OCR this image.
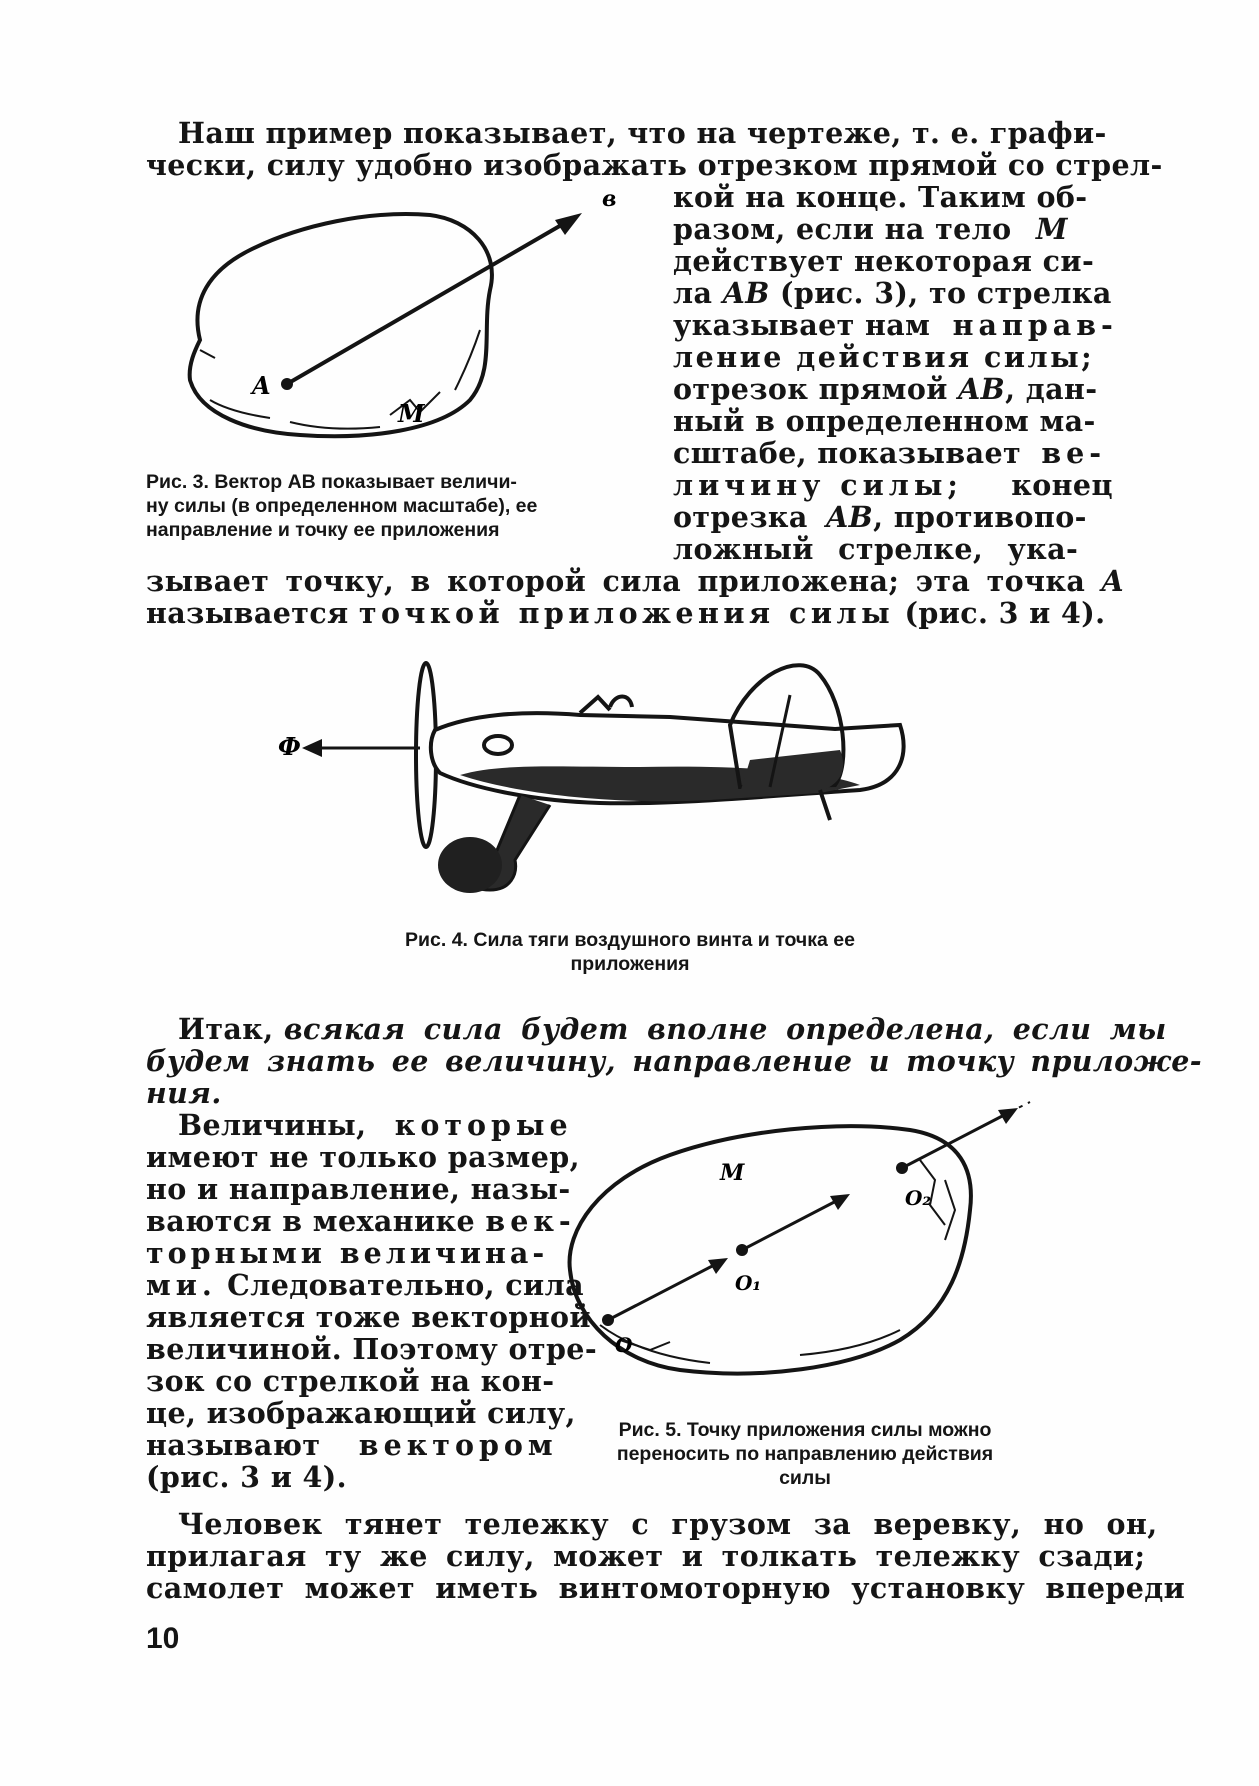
Наш пример показывает, что на чертеже, т. е. графи-
чески, силу удобно изображать отрезком прямой со стрел-
кой на конце. Таким об-
разом, если на тело M
действует некоторая си-
ла AB (рис. 3), то стрелка
указывает нам направ-
ление действия силы;
отрезок прямой AB, дан-
ный в определенном ма-
сштабе, показывает ве-
личину силы; конец
отрезка AB, противопо-
ложный стрелке, ука-
зывает точку, в которой сила приложена; эта точка A
называется точкой приложения силы (рис. 3 и 4).
A
в
M
Рис. 3. Вектор АВ показывает величи-
ну силы (в определенном масштабе), ее
направление и точку ее приложения
Ф
Рис. 4. Сила тяги воздушного винта и точка ее
приложения
Итак, всякая сила будет вполне определена, если мы
будем знать ее величину, направление и точку приложе-
ния.
Величины, которые
имеют не только размер,
но и направление, назы-
ваются в механике век-
торными величина-
ми. Следовательно, сила
является тоже векторной
величиной. Поэтому отре-
зок со стрелкой на кон-
це, изображающий силу,
называют вектором
(рис. 3 и 4).
M
O
O₁
O₂
Рис. 5. Точку приложения силы можно
переносить по направлению действия
силы
Человек тянет тележку с грузом за веревку, но он,
прилагая ту же силу, может и толкать тележку сзади;
самолет может иметь винтомоторную установку впереди
10
